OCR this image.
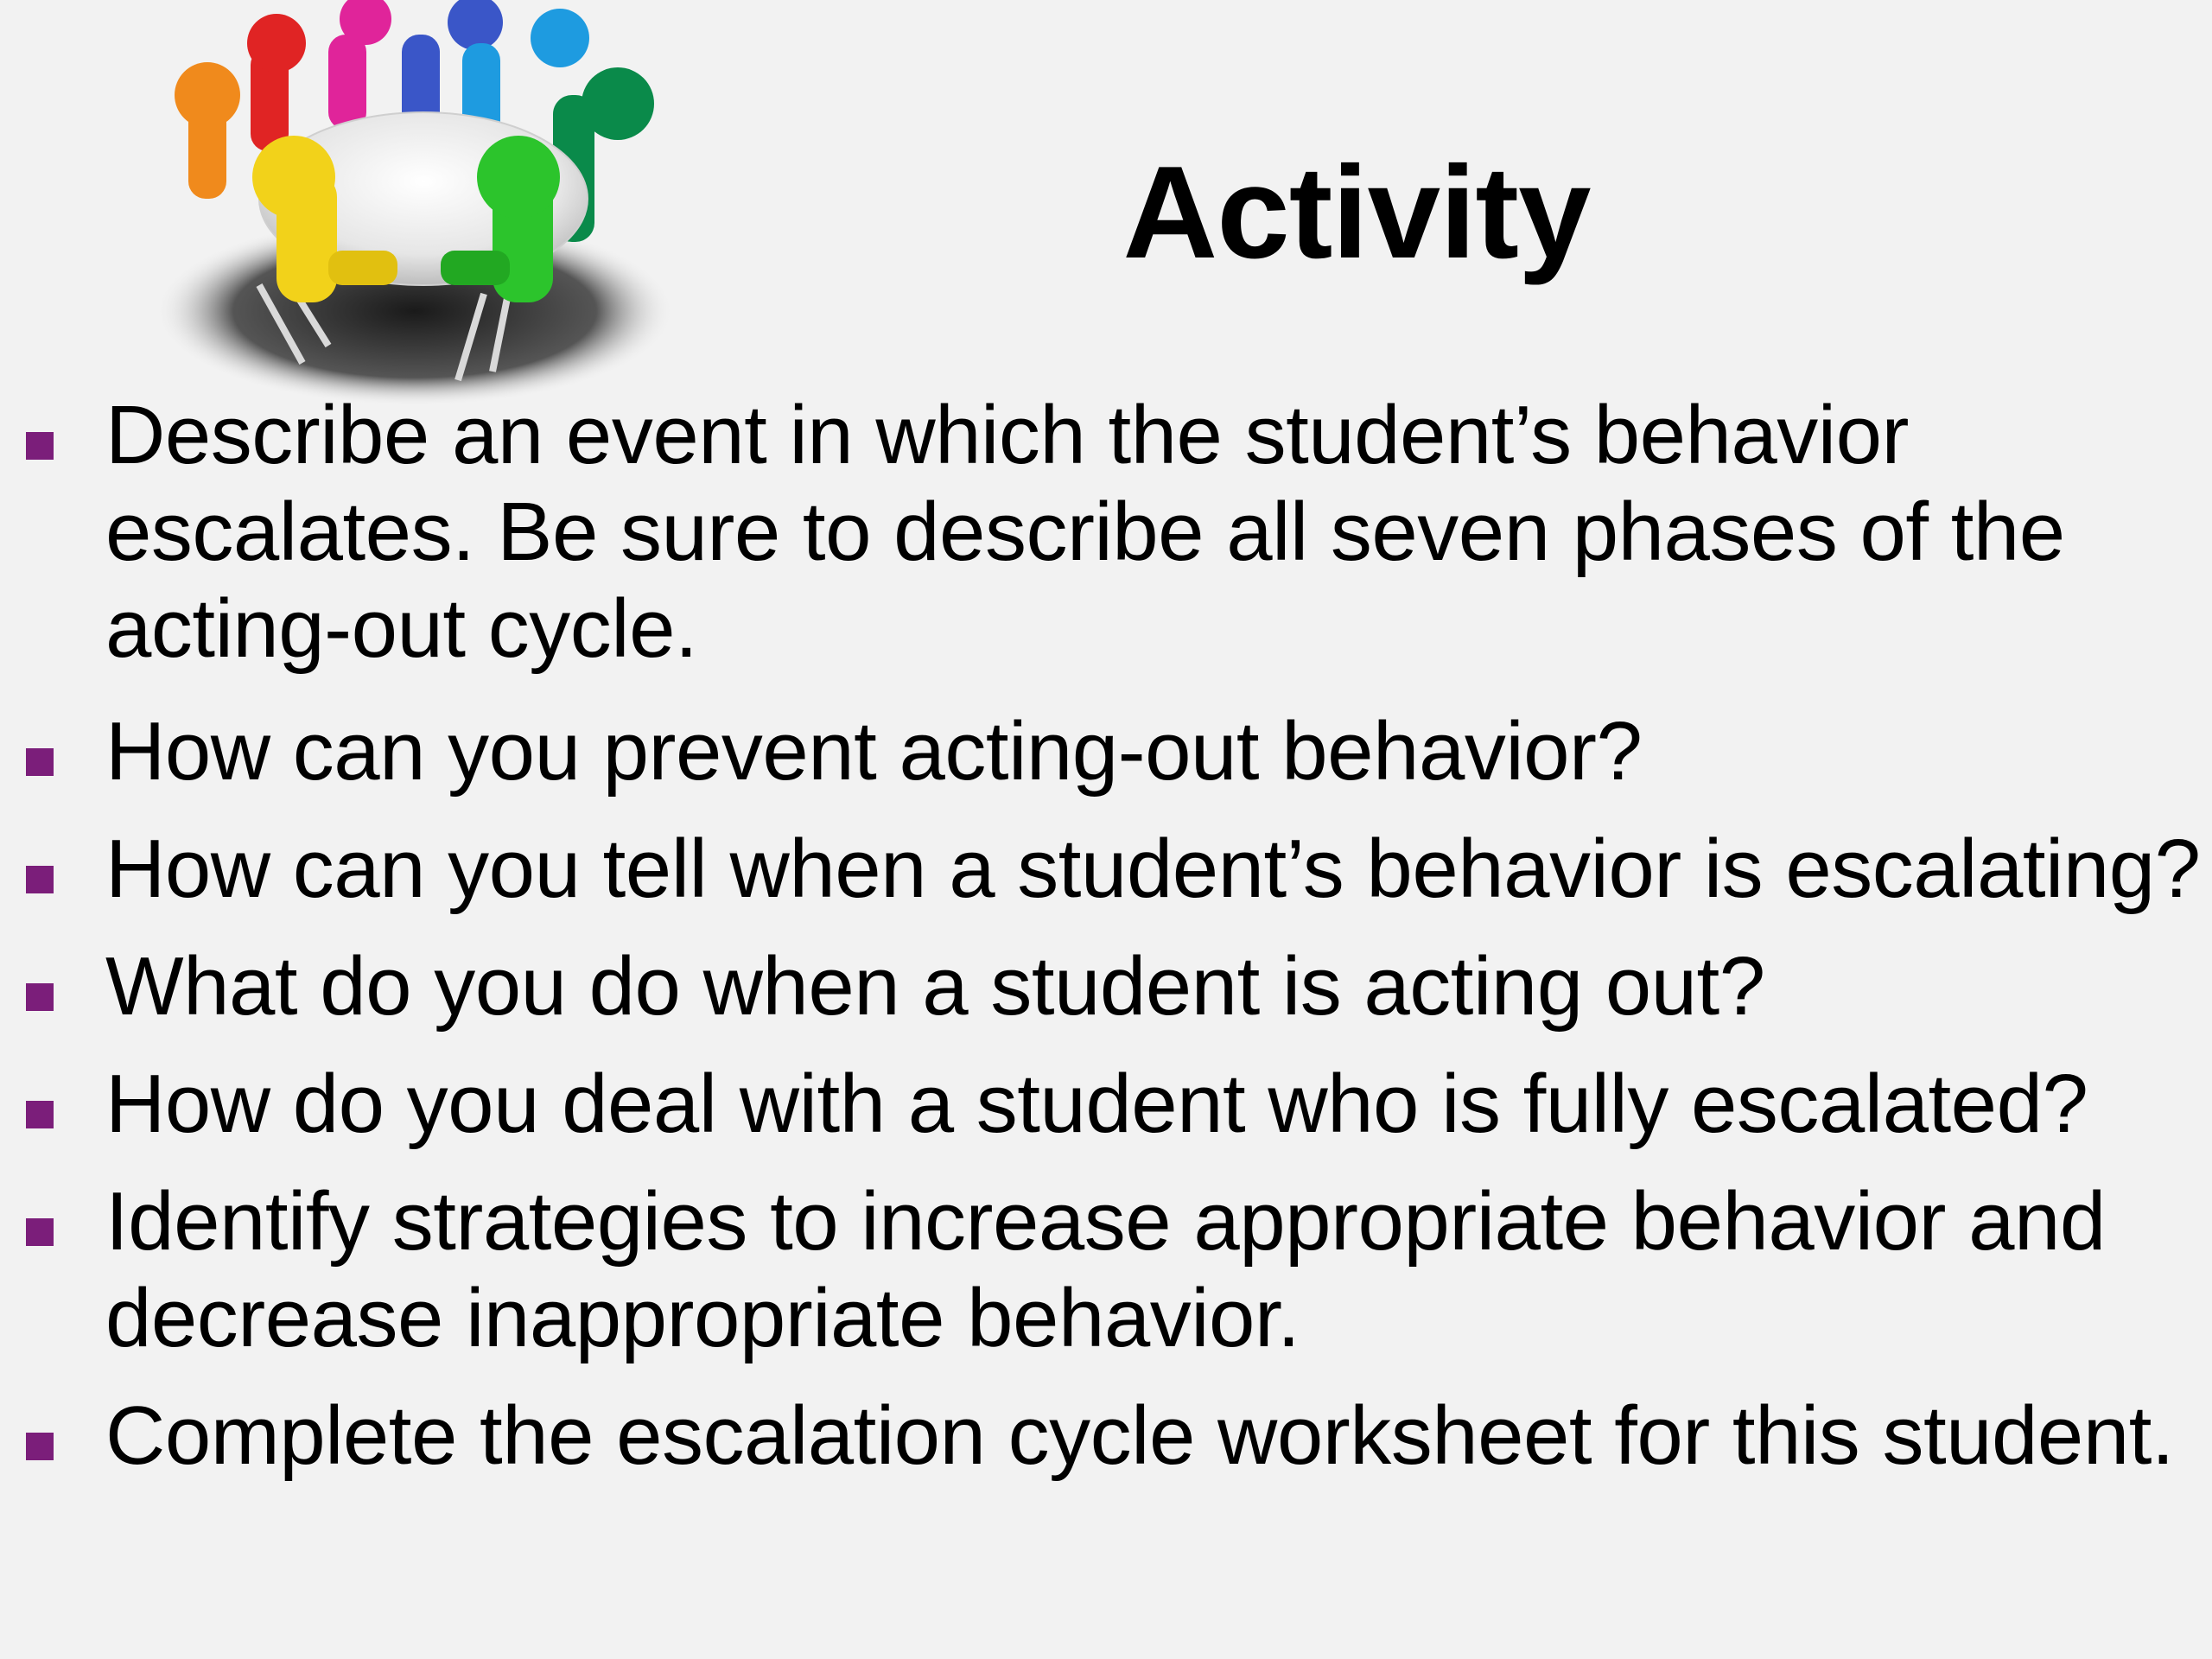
Activity
Describe an event in which the student’s behavior escalates. Be sure to describe all seven phases of the acting-out cycle.
How can you prevent acting-out behavior?
How can you tell when a student’s behavior is escalating?
What do you do when a student is acting out?
How do you deal with a student who is fully escalated?
Identify strategies to increase appropriate behavior and decrease inappropriate behavior.
Complete the escalation cycle worksheet for this student.
